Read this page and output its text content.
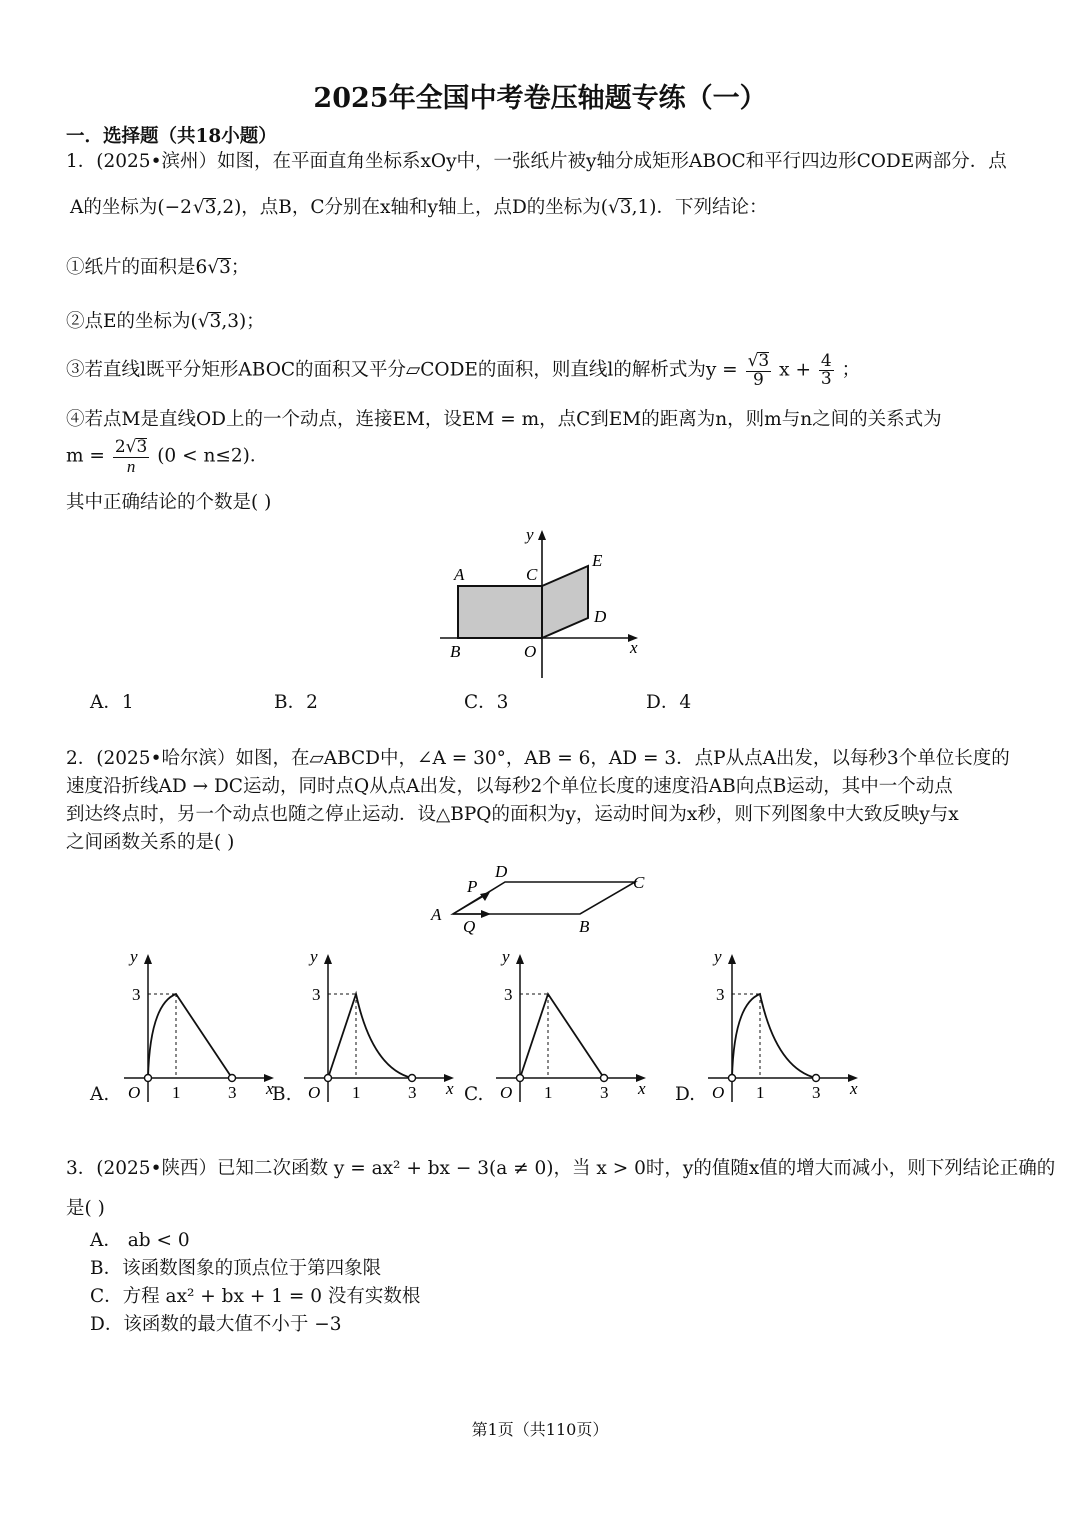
2025年全国中考卷压轴题专练（一）
一．选择题（共18小题）
1．(2025•滨州）如图，在平面直角坐标系xOy中，一张纸片被y轴分成矩形ABOC和平行四边形CODE两部分．点
A的坐标为(−2√3,2)，点B，C分别在x轴和y轴上，点D的坐标为(√3,1)．下列结论：
①纸片的面积是6√3；
②点E的坐标为(√3,3)；
③若直线l既平分矩形ABOC的面积又平分▱CODE的面积，则直线l的解析式为$y = \frac{√3}{9}$ $x + \frac{4}{3}$ ；
④若点M是直线OD上的一个动点，连接EM，设EM = m，点C到EM的距离为n，则m与n之间的关系式为
$m = \frac{2√3}{n} (0 < n\le 2)$．
其中正确结论的个数是( )
y
x
A	C
E
D
B	O
A．1	B．2	C．3	D．4
2．(2025•哈尔滨）如图，在▱ABCD中，∠A = 30°，AB = 6，AD = 3．点P从点A出发，以每秒3个单位长度的
速度沿折线AD → DC运动，同时点Q从点A出发，以每秒2个单位长度的速度沿AB向点B运动，其中一个动点
到达终点时，另一个动点也随之停止运动．设△BPQ的面积为y，运动时间为x秒，则下列图象中大致反映y与x
之间函数关系的是( )
A
P
Q
D
C
B
y
x
O
3
1	3
y
x
O
3
1	3
y
x
O
3
1	3
y
x
O
3
1	3
A.	B.	C.	D.
3．(2025•陕西）已知二次函数 y = ax² + bx − 3(a ≠ 0)，当 x > 0时，y的值随x值的增大而减小，则下列结论正确的
是( )
A． ab < 0
B．该函数图象的顶点位于第四象限
C．方程 ax² + bx + 1 = 0 没有实数根
D．该函数的最大值不小于 −3
第1页（共110页）
